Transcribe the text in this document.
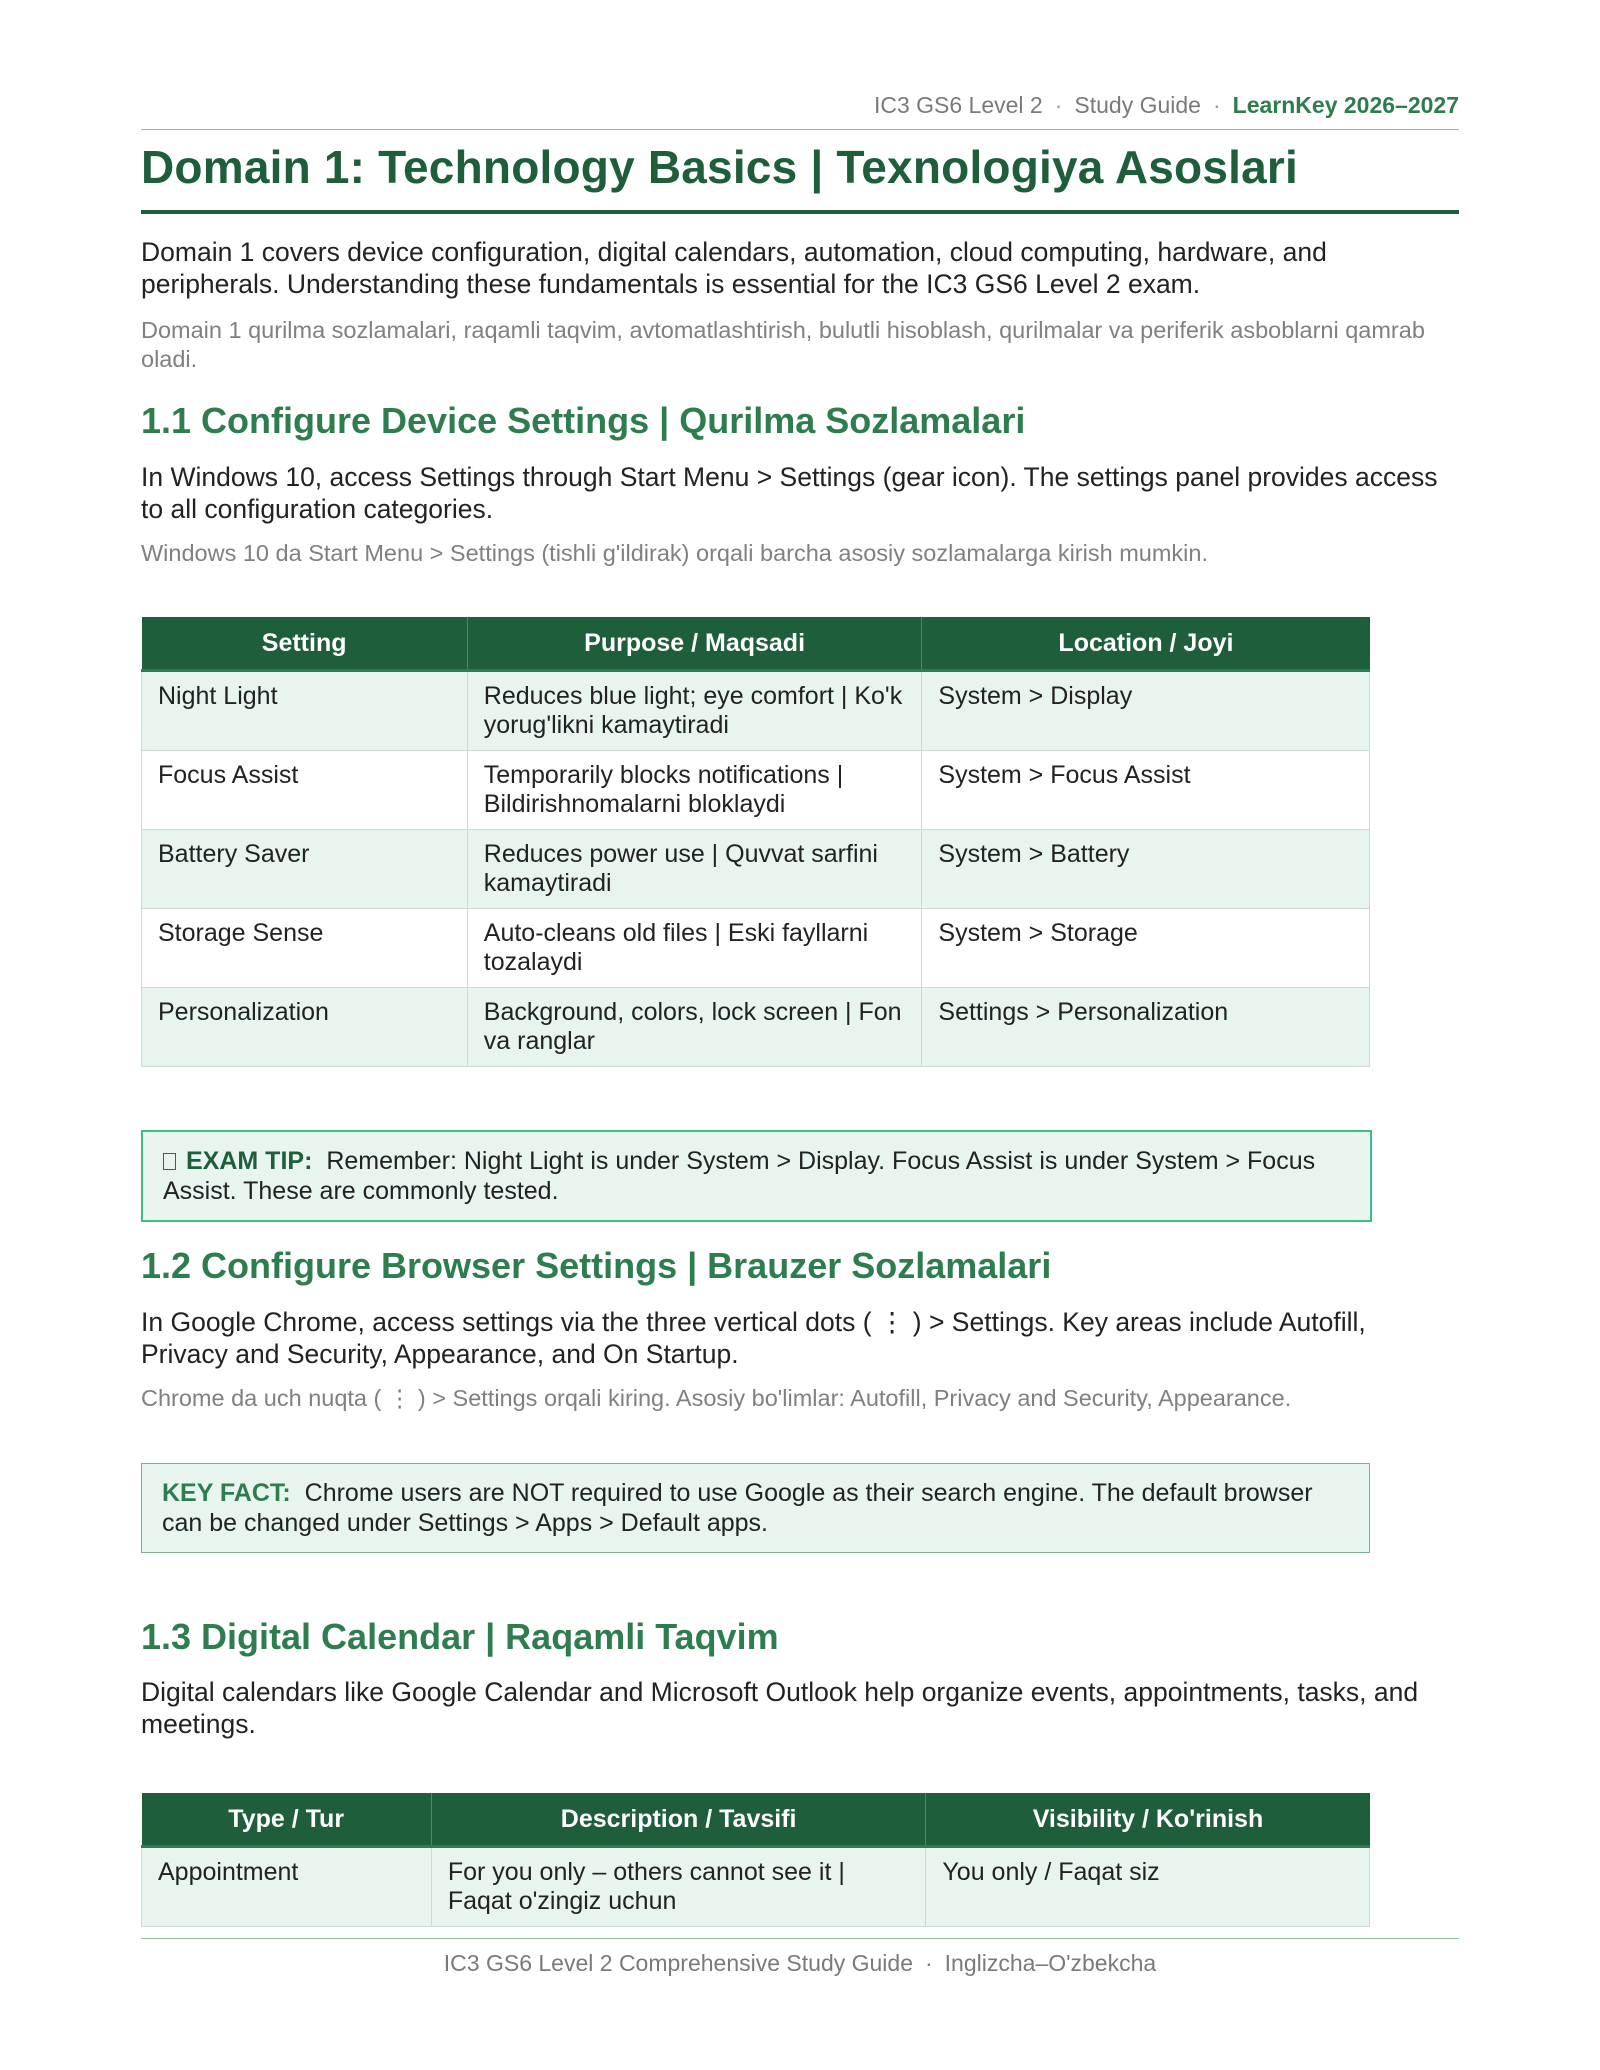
IC3 GS6 Level 2 · Study Guide · LearnKey 2026–2027
Domain 1: Technology Basics | Texnologiya Asoslari

Domain 1 covers device configuration, digital calendars, automation, cloud computing, hardware, and peripherals. Understanding these fundamentals is essential for the IC3 GS6 Level 2 exam.

Domain 1 qurilma sozlamalari, raqamli taqvim, avtomatlashtirish, bulutli hisoblash, qurilmalar va periferik asboblarni qamrab oladi.

1.1 Configure Device Settings | Qurilma Sozlamalari

In Windows 10, access Settings through Start Menu > Settings (gear icon). The settings panel provides access to all configuration categories.

Windows 10 da Start Menu > Settings (tishli g'ildirak) orqali barcha asosiy sozlamalarga kirish mumkin.

Setting	Purpose / Maqsadi	Location / Joyi
Night Light	Reduces blue light; eye comfort | Ko'k yorug'likni kamaytiradi	System > Display
Focus Assist	Temporarily blocks notifications | Bildirishnomalarni bloklaydi	System > Focus Assist
Battery Saver	Reduces power use | Quvvat sarfini kamaytiradi	System > Battery
Storage Sense	Auto-cleans old files | Eski fayllarni tozalaydi	System > Storage
Personalization	Background, colors, lock screen | Fon va ranglar	Settings > Personalization
EXAM TIP: Remember: Night Light is under System > Display. Focus Assist is under System > Focus Assist. These are commonly tested.
1.2 Configure Browser Settings | Brauzer Sozlamalari

In Google Chrome, access settings via the three vertical dots ( ⋮ ) > Settings. Key areas include Autofill, Privacy and Security, Appearance, and On Startup.

Chrome da uch nuqta ( ⋮ ) > Settings orqali kiring. Asosiy bo'limlar: Autofill, Privacy and Security, Appearance.

KEY FACT: Chrome users are NOT required to use Google as their search engine. The default browser can be changed under Settings > Apps > Default apps.
1.3 Digital Calendar | Raqamli Taqvim

Digital calendars like Google Calendar and Microsoft Outlook help organize events, appointments, tasks, and meetings.

Type / Tur	Description / Tavsifi	Visibility / Ko'rinish
Appointment	For you only – others cannot see it | Faqat o'zingiz uchun	You only / Faqat siz
IC3 GS6 Level 2 Comprehensive Study Guide · Inglizcha–O'zbekcha
